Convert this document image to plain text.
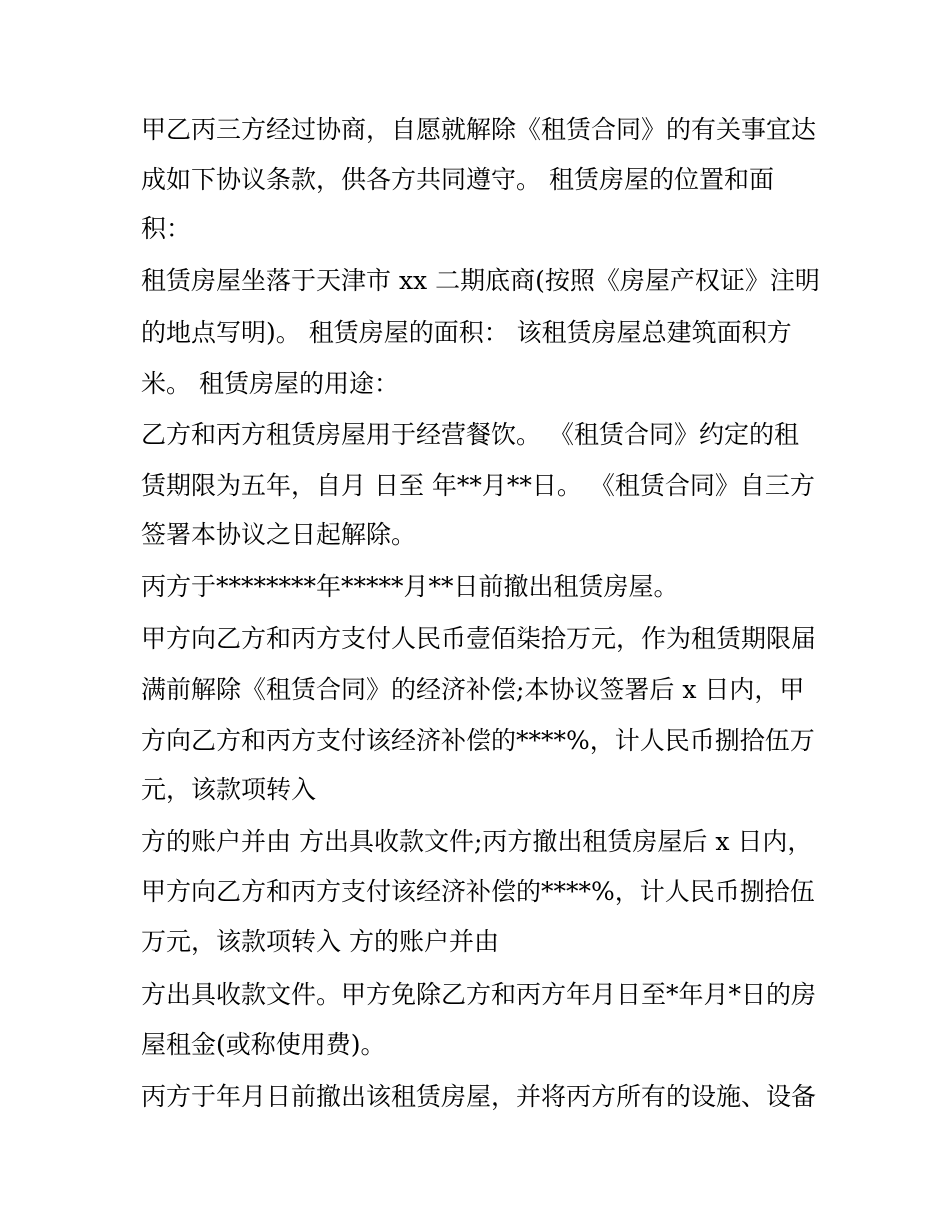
甲乙丙三方经过协商，自愿就解除《租赁合同》的有关事宜达

成如下协议条款，供各方共同遵守。 租赁房屋的位置和面

积：

租赁房屋坐落于天津市 xx 二期底商(按照《房屋产权证》注明

的地点写明)。 租赁房屋的面积： 该租赁房屋总建筑面积方

米。 租赁房屋的用途：

乙方和丙方租赁房屋用于经营餐饮。 《租赁合同》约定的租

赁期限为五年，自月 日至 年**月**日。 《租赁合同》自三方

签署本协议之日起解除。

丙方于********年*****月**日前撤出租赁房屋。

甲方向乙方和丙方支付人民币壹佰柒拾万元，作为租赁期限届

满前解除《租赁合同》的经济补偿;本协议签署后 x 日内，甲

方向乙方和丙方支付该经济补偿的****%，计人民币捌拾伍万

元，该款项转入

方的账户并由 方出具收款文件;丙方撤出租赁房屋后 x 日内，

甲方向乙方和丙方支付该经济补偿的****%，计人民币捌拾伍

万元，该款项转入 方的账户并由

方出具收款文件。甲方免除乙方和丙方年月日至*年月*日的房

屋租金(或称使用费)。

丙方于年月日前撤出该租赁房屋，并将丙方所有的设施、设备
